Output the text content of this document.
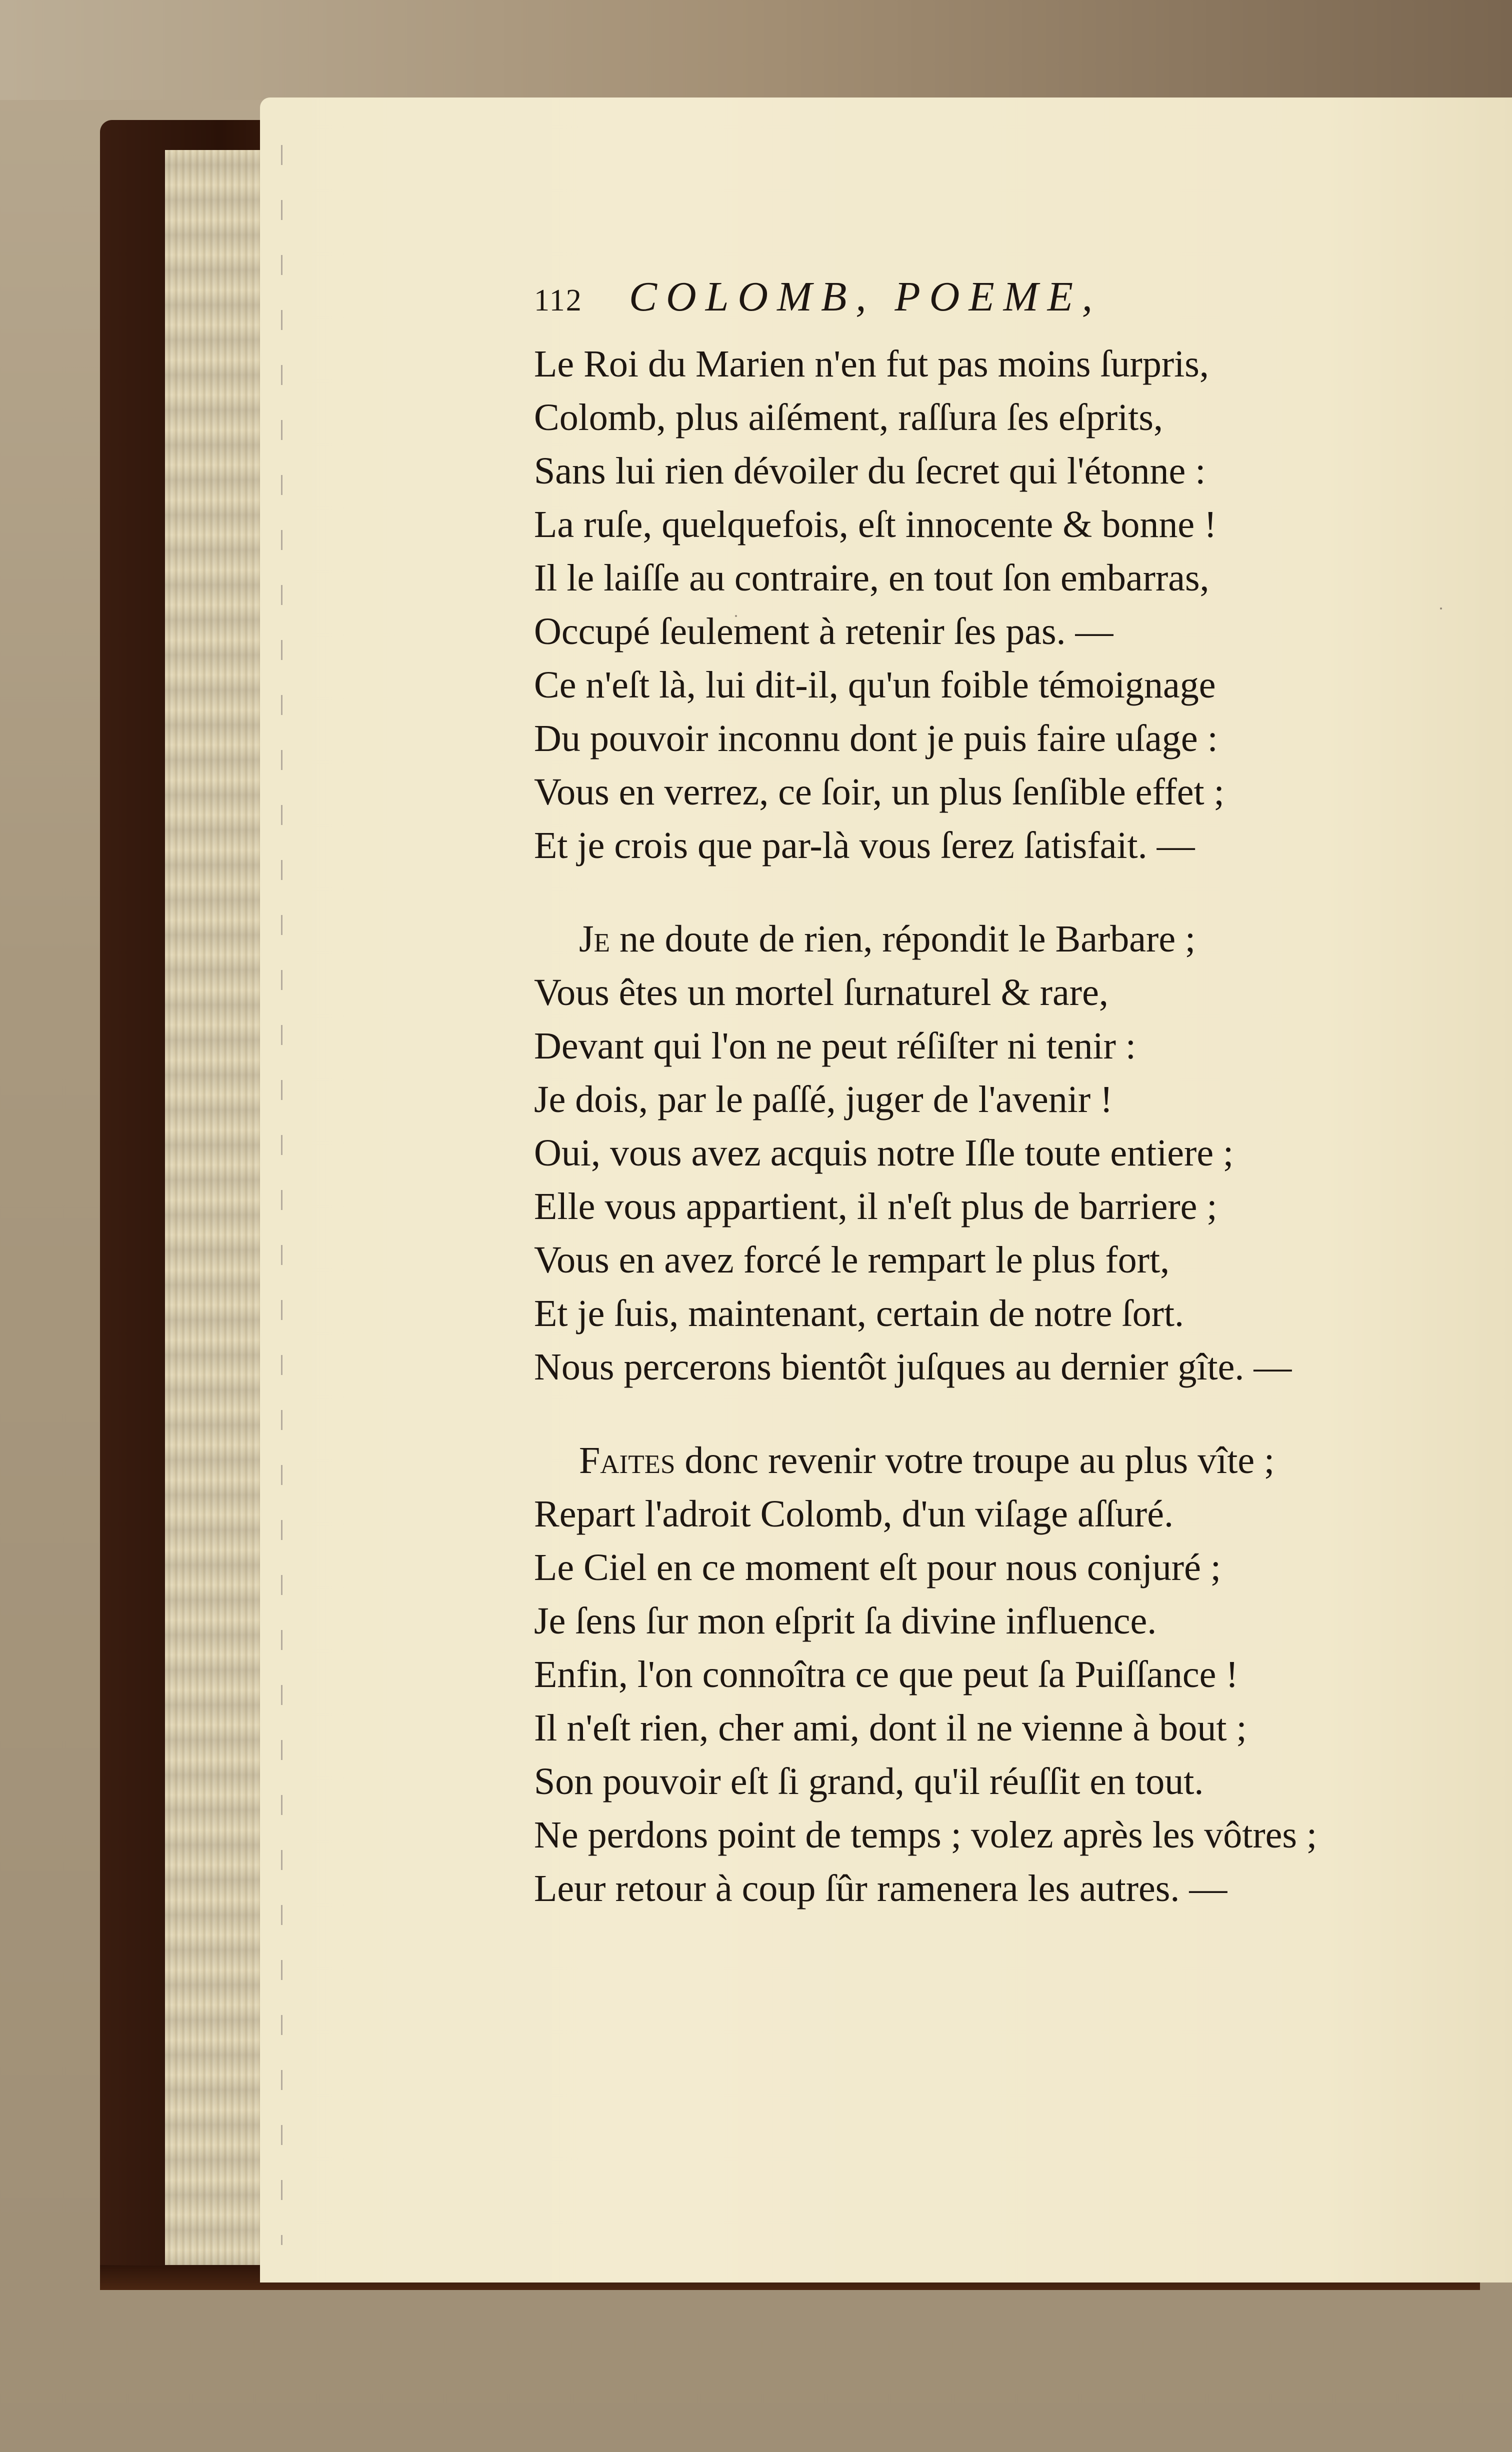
112	COLOMB, POEME,

Le Roi du Marien n'en fut pas moins ſurpris,

Colomb, plus aiſément, raſſura ſes eſprits,

Sans lui rien dévoiler du ſecret qui l'étonne :

La ruſe, quelquefois, eſt innocente & bonne !

Il le laiſſe au contraire, en tout ſon embarras,

Occupé ſeulement à retenir ſes pas. —

Ce n'eſt là, lui dit-il, qu'un foible témoignage

Du pouvoir inconnu dont je puis faire uſage :

Vous en verrez, ce ſoir, un plus ſenſible effet ;

Et je crois que par-là vous ſerez ſatisfait. —

Je ne doute de rien, répondit le Barbare ;

Vous êtes un mortel ſurnaturel & rare,

Devant qui l'on ne peut réſiſter ni tenir :

Je dois, par le paſſé, juger de l'avenir !

Oui, vous avez acquis notre Iſle toute entiere ;

Elle vous appartient, il n'eſt plus de barriere ;

Vous en avez forcé le rempart le plus fort,

Et je ſuis, maintenant, certain de notre ſort.

Nous percerons bientôt juſques au dernier gîte. —

Faites donc revenir votre troupe au plus vîte ;

Repart l'adroit Colomb, d'un viſage aſſuré.

Le Ciel en ce moment eſt pour nous conjuré ;

Je ſens ſur mon eſprit ſa divine influence.

Enfin, l'on connoîtra ce que peut ſa Puiſſance !

Il n'eſt rien, cher ami, dont il ne vienne à bout ;

Son pouvoir eſt ſi grand, qu'il réuſſit en tout.

Ne perdons point de temps ; volez après les vôtres ;

Leur retour à coup ſûr ramenera les autres. —
